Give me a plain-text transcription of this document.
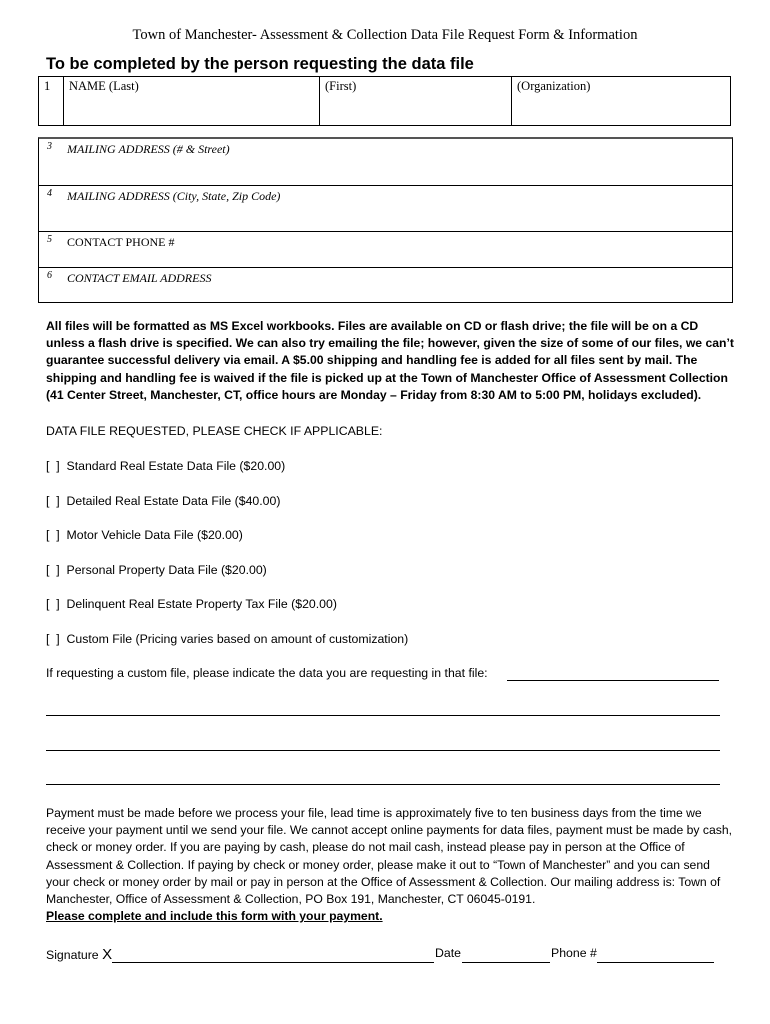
Town of Manchester- Assessment & Collection Data File Request Form & Information
To be completed by the person requesting the data file
1	NAME (Last)	(First)	(Organization)
3 MAILING ADDRESS (# & Street)
4 MAILING ADDRESS (City, State, Zip Code)
5 CONTACT PHONE #
6 CONTACT EMAIL ADDRESS
All files will be formatted as MS Excel workbooks. Files are available on CD or flash drive; the file will be on a CD unless a flash drive is specified. We can also try emailing the file; however, given the size of some of our files, we can’t guarantee successful delivery via email. A $5.00 shipping and handling fee is added for all files sent by mail. The shipping and handling fee is waived if the file is picked up at the Town of Manchester Office of Assessment Collection (41 Center Street, Manchester, CT, office hours are Monday – Friday from 8:30 AM to 5:00 PM, holidays excluded).
DATA FILE REQUESTED, PLEASE CHECK IF APPLICABLE:
[  ]  Standard Real Estate Data File ($20.00)
[  ]  Detailed Real Estate Data File ($40.00)
[  ]  Motor Vehicle Data File ($20.00)
[  ]  Personal Property Data File ($20.00)
[  ]  Delinquent Real Estate Property Tax File ($20.00)
[  ]  Custom File (Pricing varies based on amount of customization)
If requesting a custom file, please indicate the data you are requesting in that file:
Payment must be made before we process your file, lead time is approximately five to ten business days from the time we receive your payment until we send your file. We cannot accept online payments for data files, payment must be made by cash, check or money order. If you are paying by cash, please do not mail cash, instead please pay in person at the Office of Assessment & Collection. If paying by check or money order, please make it out to “Town of Manchester” and you can send your check or money order by mail or pay in person at the Office of Assessment & Collection. Our mailing address is: Town of Manchester, Office of Assessment & Collection, PO Box 191, Manchester, CT 06045-0191.
Please complete and include this form with your payment.
Signature X	Date	Phone #
